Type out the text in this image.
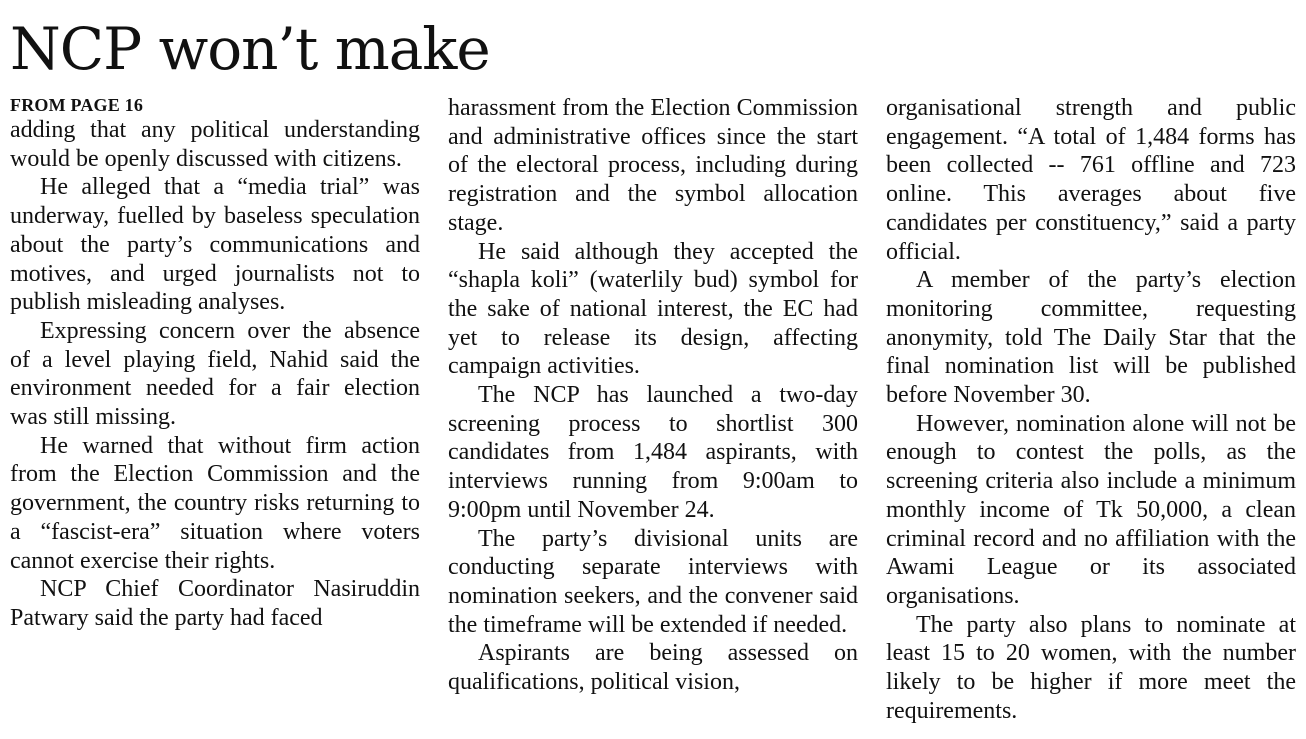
NCP won’t make
FROM PAGE 16

adding that any political understanding would be openly discussed with citizens.

He alleged that a “media trial” was underway, fuelled by baseless speculation about the party’s communications and motives, and urged journalists not to publish misleading analyses.

Expressing concern over the absence of a level playing field, Nahid said the environment needed for a fair election was still missing.

He warned that without firm action from the Election Commission and the government, the country risks returning to a “fascist-era” situation where voters cannot exercise their rights.

NCP Chief Coordinator Nasiruddin Patwary said the party had faced

harassment from the Election Commission and administrative offices since the start of the electoral process, including during registration and the symbol allocation stage.

He said although they accepted the “shapla koli” (waterlily bud) symbol for the sake of national interest, the EC had yet to release its design, affecting campaign activities.

The NCP has launched a two-day screening process to shortlist 300 candidates from 1,484 aspirants, with interviews running from 9:00am to 9:00pm until November 24.

The party’s divisional units are conducting separate interviews with nomination seekers, and the convener said the timeframe will be extended if needed.

Aspirants are being assessed on qualifications, political vision,

organisational strength and public engagement. “A total of 1,484 forms has been collected -- 761 offline and 723 online. This averages about five candidates per constituency,” said a party official.

A member of the party’s election monitoring committee, requesting anonymity, told The Daily Star that the final nomination list will be published before November 30.

However, nomination alone will not be enough to contest the polls, as the screening criteria also include a minimum monthly income of Tk 50,000, a clean criminal record and no affiliation with the Awami League or its associated organisations.

The party also plans to nominate at least 15 to 20 women, with the number likely to be higher if more meet the requirements.
